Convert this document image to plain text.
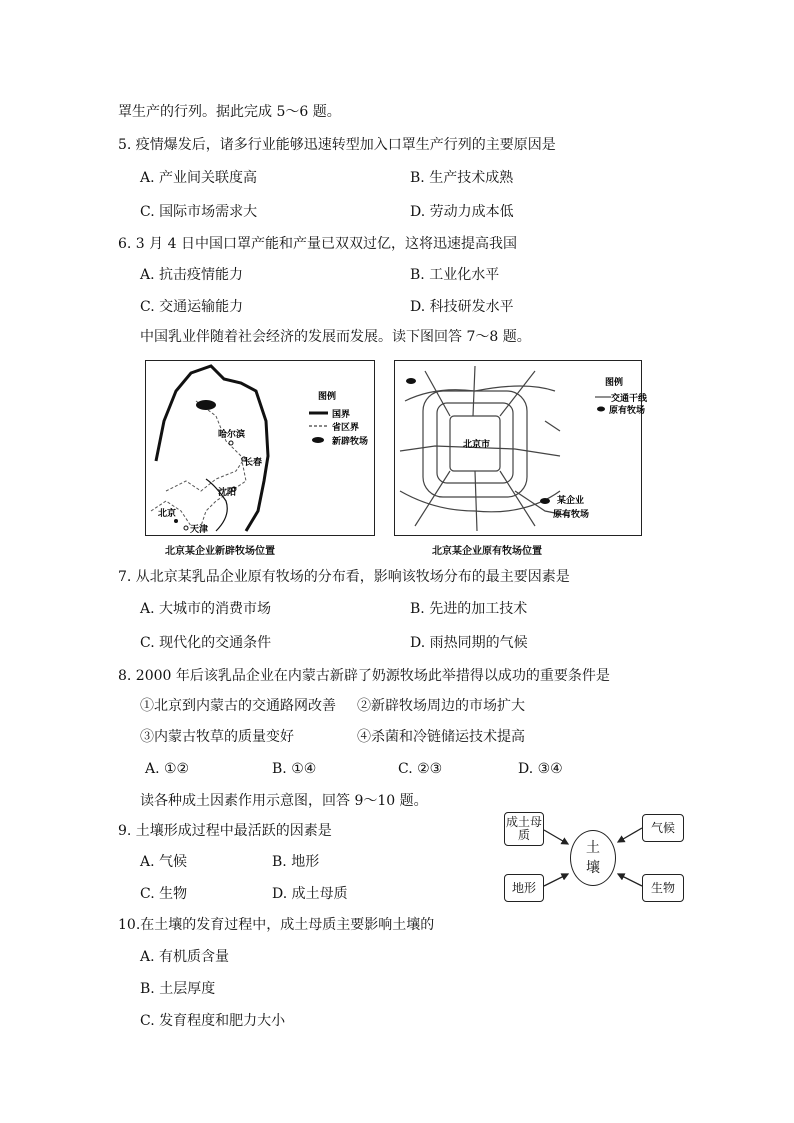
罩生产的行列。据此完成 5～6 题。
5. 疫情爆发后，诸多行业能够迅速转型加入口罩生产行列的主要原因是
A. 产业间关联度高	B. 生产技术成熟
C. 国际市场需求大	D. 劳动力成本低
6. 3 月 4 日中国口罩产能和产量已双双过亿，这将迅速提高我国
A. 抗击疫情能力	B. 工业化水平
C. 交通运输能力	D. 科技研发水平
中国乳业伴随着社会经济的发展而发展。读下图回答 7～8 题。
哈尔滨
长春
沈阳
北京
天津
图例
国界
省区界
新辟牧场
北京某企业新辟牧场位置
北京市
图例
交通干线
原有牧场
某企业
原有牧场
北京某企业原有牧场位置
7. 从北京某乳品企业原有牧场的分布看，影响该牧场分布的最主要因素是
A. 大城市的消费市场	B. 先进的加工技术
C. 现代化的交通条件	D. 雨热同期的气候
8. 2000 年后该乳品企业在内蒙古新辟了奶源牧场此举措得以成功的重要条件是
①北京到内蒙古的交通路网改善 ②新辟牧场周边的市场扩大
③内蒙古牧草的质量变好	④杀菌和冷链储运技术提高
A. ①②	B. ①④	C. ②③	D. ③④
读各种成土因素作用示意图，回答 9～10 题。
9. 土壤形成过程中最活跃的因素是
A. 气候	B. 地形
C. 生物	D. 成土母质
成土母质
气候
地形	生物
土壤
10.在土壤的发育过程中，成土母质主要影响土壤的
A. 有机质含量
B. 土层厚度
C. 发育程度和肥力大小
